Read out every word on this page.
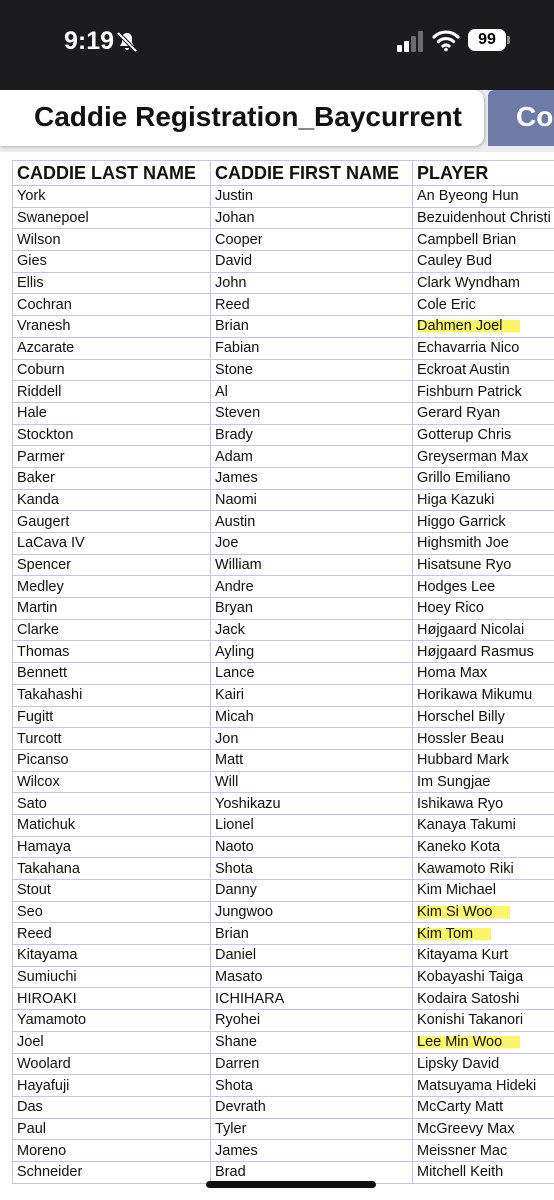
9:19	99
Caddie Registration_Baycurrent Co
CADDIE LAST NAME	CADDIE FIRST NAME	PLAYER
York	Justin	An Byeong Hun
Swanepoel	Johan	Bezuidenhout Christi
Wilson	Cooper	Campbell Brian
Gies	David	Cauley Bud
Ellis	John	Clark Wyndham
Cochran	Reed	Cole Eric
Vranesh	Brian	Dahmen Joel
Azcarate	Fabian	Echavarria Nico
Coburn	Stone	Eckroat Austin
Riddell	Al	Fishburn Patrick
Hale	Steven	Gerard Ryan
Stockton	Brady	Gotterup Chris
Parmer	Adam	Greyserman Max
Baker	James	Grillo Emiliano
Kanda	Naomi	Higa Kazuki
Gaugert	Austin	Higgo Garrick
LaCava IV	Joe	Highsmith Joe
Spencer	William	Hisatsune Ryo
Medley	Andre	Hodges Lee
Martin	Bryan	Hoey Rico
Clarke	Jack	Højgaard Nicolai
Thomas	Ayling	Højgaard Rasmus
Bennett	Lance	Homa Max
Takahashi	Kairi	Horikawa Mikumu
Fugitt	Micah	Horschel Billy
Turcott	Jon	Hossler Beau
Picanso	Matt	Hubbard Mark
Wilcox	Will	Im Sungjae
Sato	Yoshikazu	Ishikawa Ryo
Matichuk	Lionel	Kanaya Takumi
Hamaya	Naoto	Kaneko Kota
Takahana	Shota	Kawamoto Riki
Stout	Danny	Kim Michael
Seo	Jungwoo	Kim Si Woo
Reed	Brian	Kim Tom
Kitayama	Daniel	Kitayama Kurt
Sumiuchi	Masato	Kobayashi Taiga
HIROAKI	ICHIHARA	Kodaira Satoshi
Yamamoto	Ryohei	Konishi Takanori
Joel	Shane	Lee Min Woo
Woolard	Darren	Lipsky David
Hayafuji	Shota	Matsuyama Hideki
Das	Devrath	McCarty Matt
Paul	Tyler	McGreevy Max
Moreno	James	Meissner Mac
Schneider	Brad	Mitchell Keith
